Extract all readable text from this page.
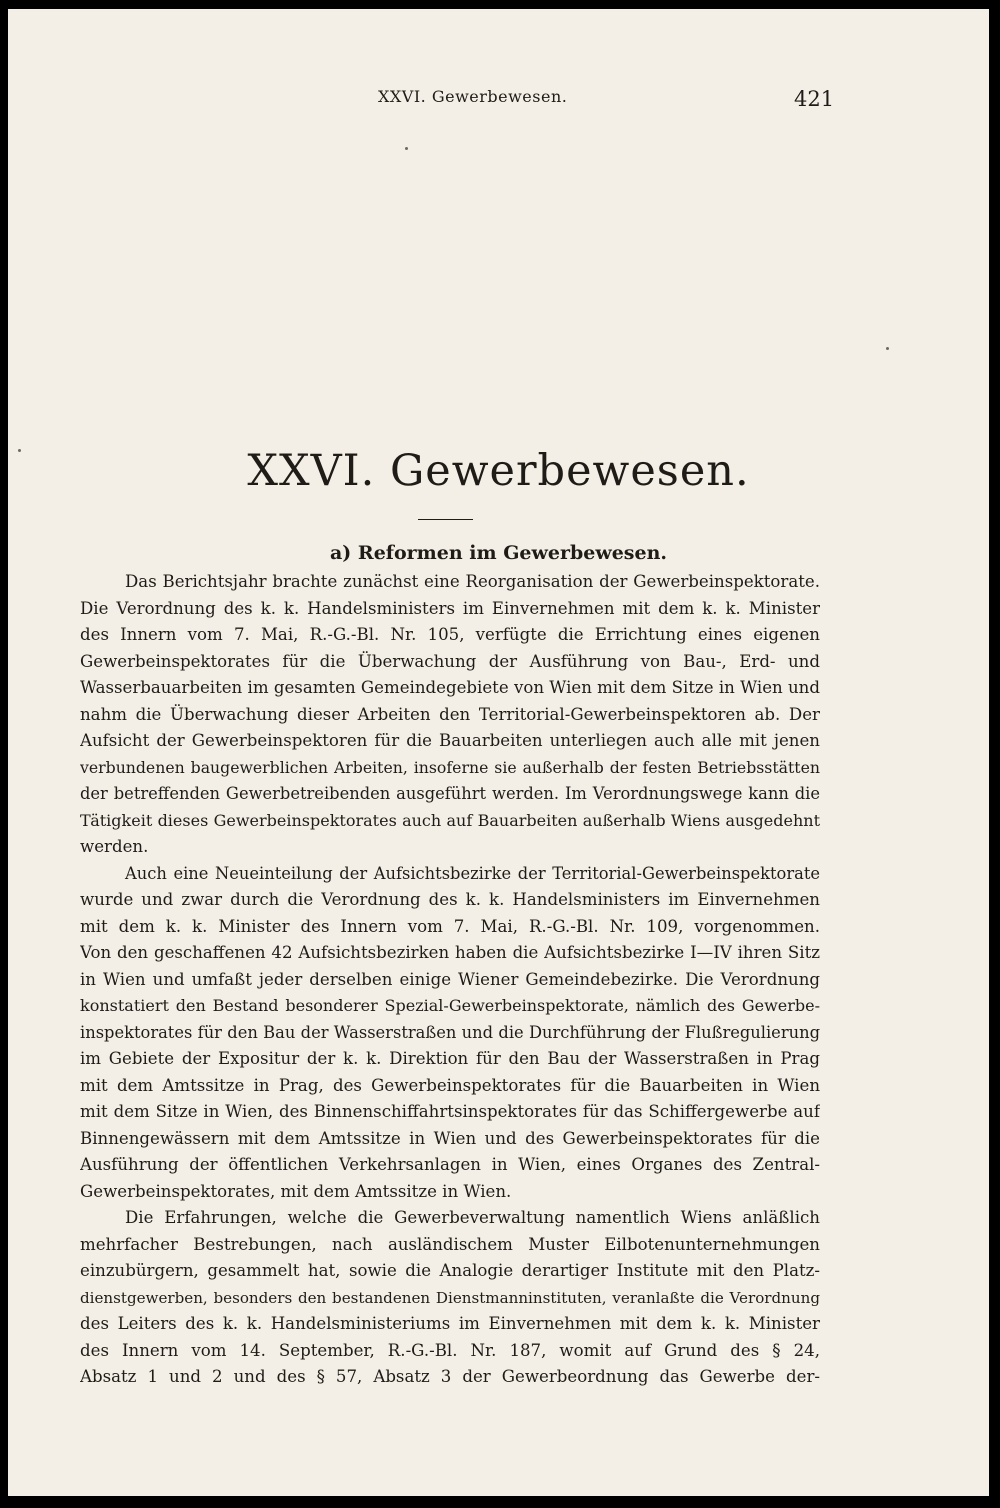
XXVI. Gewerbewesen.	421
XXVI. Gewerbewesen.
a) Reformen im Gewerbewesen.
Das Berichtsjahr brachte zunächst eine Reorganisation der Gewerbeinspektorate.
Die Verordnung des k. k. Handelsministers im Einvernehmen mit dem k. k. Minister
des Innern vom 7. Mai, R.-G.-Bl. Nr. 105, verfügte die Errichtung eines eigenen
Gewerbeinspektorates für die Überwachung der Ausführung von Bau-, Erd- und
Wasserbauarbeiten im gesamten Gemeindegebiete von Wien mit dem Sitze in Wien und
nahm die Überwachung dieser Arbeiten den Territorial-Gewerbeinspektoren ab. Der
Aufsicht der Gewerbeinspektoren für die Bauarbeiten unterliegen auch alle mit jenen
verbundenen baugewerblichen Arbeiten, insoferne sie außerhalb der festen Betriebsstätten
der betreffenden Gewerbetreibenden ausgeführt werden. Im Verordnungswege kann die
Tätigkeit dieses Gewerbeinspektorates auch auf Bauarbeiten außerhalb Wiens ausgedehnt
werden.
Auch eine Neueinteilung der Aufsichtsbezirke der Territorial-Gewerbeinspektorate
wurde und zwar durch die Verordnung des k. k. Handelsministers im Einvernehmen
mit dem k. k. Minister des Innern vom 7. Mai, R.-G.-Bl. Nr. 109, vorgenommen.
Von den geschaffenen 42 Aufsichtsbezirken haben die Aufsichtsbezirke I—IV ihren Sitz
in Wien und umfaßt jeder derselben einige Wiener Gemeindebezirke. Die Verordnung
konstatiert den Bestand besonderer Spezial-Gewerbeinspektorate, nämlich des Gewerbe-
inspektorates für den Bau der Wasserstraßen und die Durchführung der Flußregulierung
im Gebiete der Expositur der k. k. Direktion für den Bau der Wasserstraßen in Prag
mit dem Amtssitze in Prag, des Gewerbeinspektorates für die Bauarbeiten in Wien
mit dem Sitze in Wien, des Binnenschiffahrtsinspektorates für das Schiffergewerbe auf
Binnengewässern mit dem Amtssitze in Wien und des Gewerbeinspektorates für die
Ausführung der öffentlichen Verkehrsanlagen in Wien, eines Organes des Zentral-
Gewerbeinspektorates, mit dem Amtssitze in Wien.
Die Erfahrungen, welche die Gewerbeverwaltung namentlich Wiens anläßlich
mehrfacher Bestrebungen, nach ausländischem Muster Eilbotenunternehmungen
einzubürgern, gesammelt hat, sowie die Analogie derartiger Institute mit den Platz-
dienstgewerben, besonders den bestandenen Dienstmanninstituten, veranlaßte die Verordnung
des Leiters des k. k. Handelsministeriums im Einvernehmen mit dem k. k. Minister
des Innern vom 14. September, R.-G.-Bl. Nr. 187, womit auf Grund des § 24,
Absatz 1 und 2 und des § 57, Absatz 3 der Gewerbeordnung das Gewerbe der-
